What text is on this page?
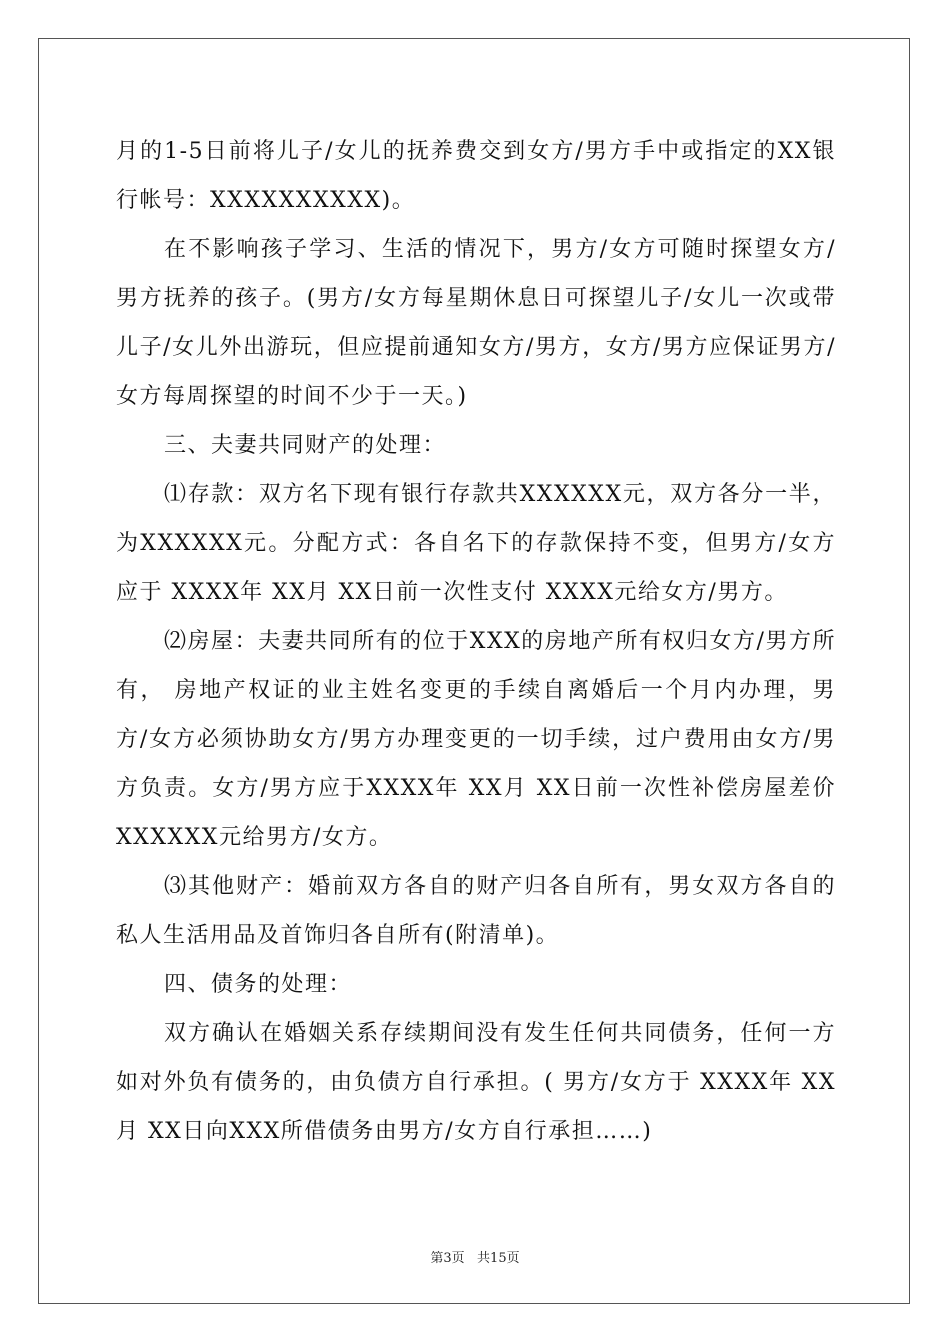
月的1-5日前将儿子/女儿的抚养费交到女方/男方手中或指定的XX银行帐号：XXXXXXXXXX)。

在不影响孩子学习、生活的情况下，男方/女方可随时探望女方/男方抚养的孩子。(男方/女方每星期休息日可探望儿子/女儿一次或带儿子/女儿外出游玩，但应提前通知女方/男方，女方/男方应保证男方/女方每周探望的时间不少于一天。)

三、夫妻共同财产的处理：

⑴存款：双方名下现有银行存款共XXXXXX元，双方各分一半，为XXXXXX元。分配方式：各自名下的存款保持不变，但男方/女方应于 XXXX年 XX月 XX日前一次性支付 XXXX元给女方/男方。

⑵房屋：夫妻共同所有的位于XXX的房地产所有权归女方/男方所有， 房地产权证的业主姓名变更的手续自离婚后一个月内办理，男方/女方必须协助女方/男方办理变更的一切手续，过户费用由女方/男方负责。女方/男方应于XXXX年 XX月 XX日前一次性补偿房屋差价 XXXXXX元给男方/女方。

⑶其他财产：婚前双方各自的财产归各自所有，男女双方各自的私人生活用品及首饰归各自所有(附清单)。

四、债务的处理：

双方确认在婚姻关系存续期间没有发生任何共同债务，任何一方如对外负有债务的，由负债方自行承担。( 男方/女方于 XXXX年 XX月 XX日向XXX所借债务由男方/女方自行承担……)

第3页   共15页
